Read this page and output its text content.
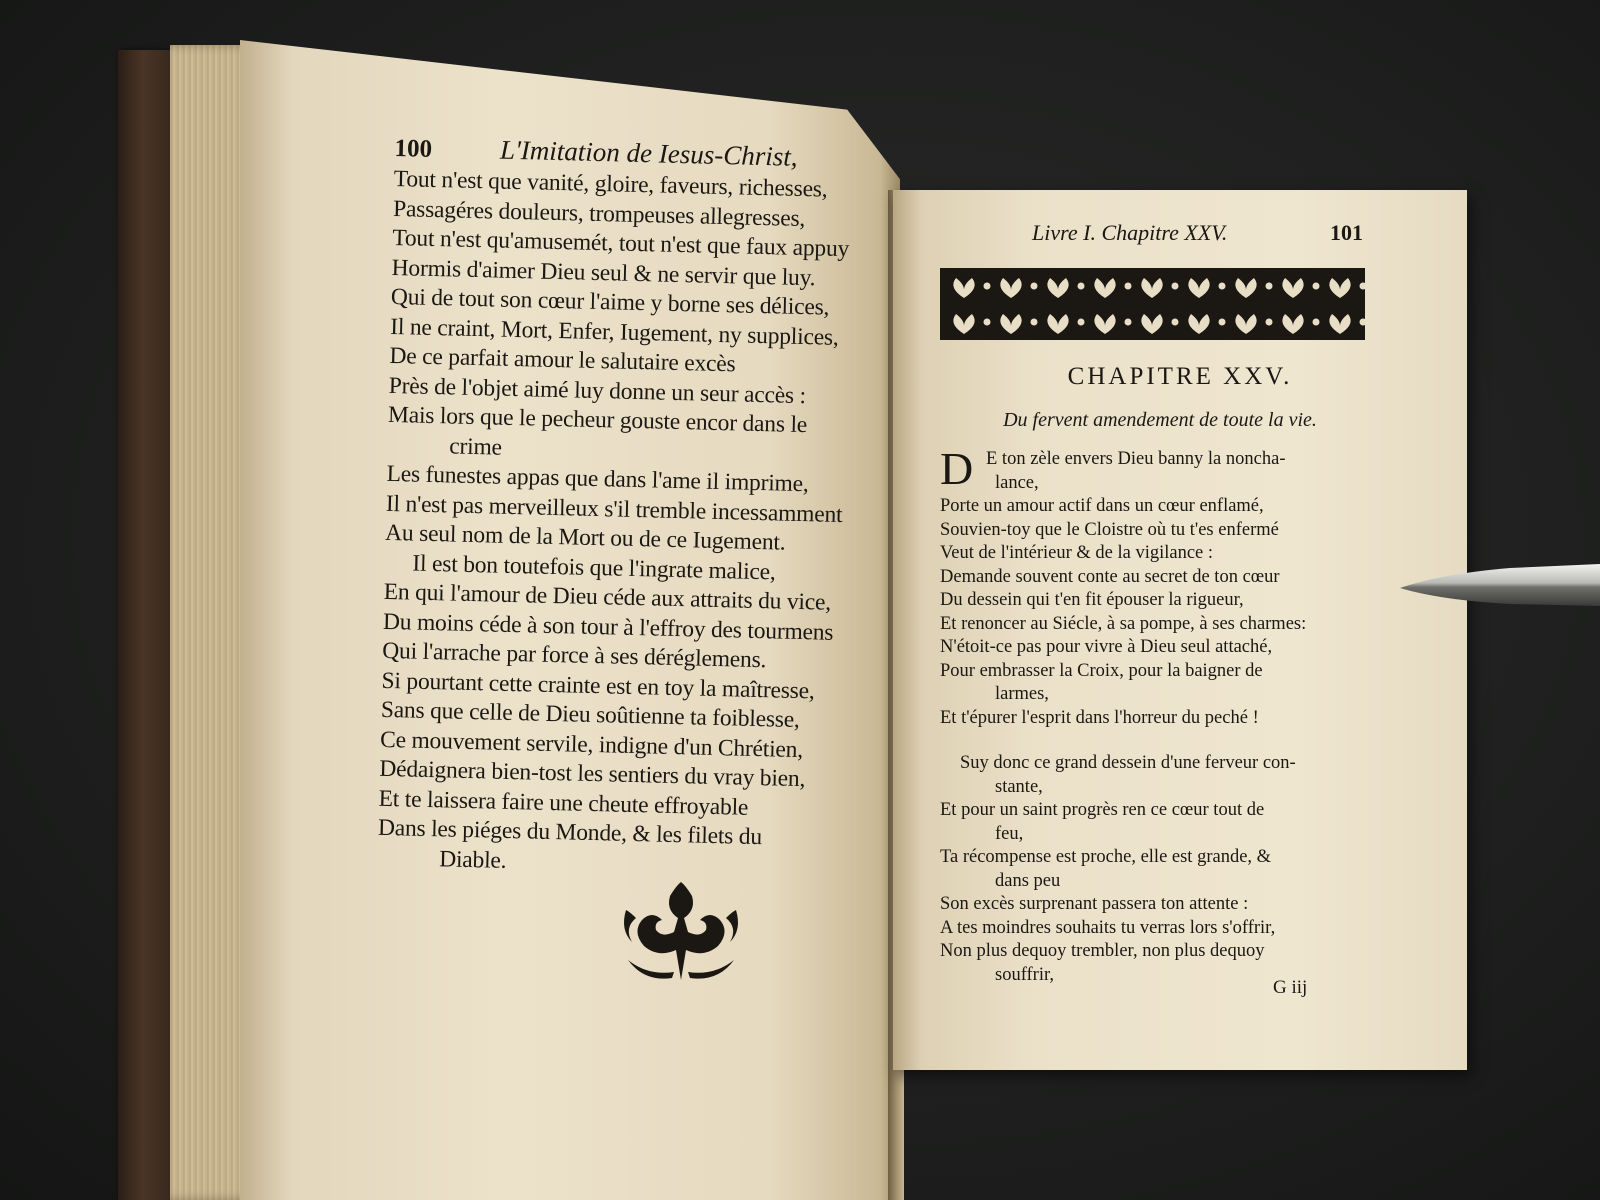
100 L'Imitation de Iesus-Christ,
Tout n'est que vanité, gloire, faveurs, richesses,
Passagéres douleurs, trompeuses allegresses,
Tout n'est qu'amusemét, tout n'est que faux appuy
Hormis d'aimer Dieu seul & ne servir que luy.
Qui de tout son cœur l'aime y borne ses délices,
Il ne craint, Mort, Enfer, Iugement, ny supplices,
De ce parfait amour le salutaire excès
Près de l'objet aimé luy donne un seur accès :
Mais lors que le pecheur gouste encor dans le
crime
Les funestes appas que dans l'ame il imprime,
Il n'est pas merveilleux s'il tremble incessamment
Au seul nom de la Mort ou de ce Iugement.
Il est bon toutefois que l'ingrate malice,
En qui l'amour de Dieu céde aux attraits du vice,
Du moins céde à son tour à l'effroy des tourmens
Qui l'arrache par force à ses déréglemens.
Si pourtant cette crainte est en toy la maîtresse,
Sans que celle de Dieu soûtienne ta foiblesse,
Ce mouvement servile, indigne d'un Chrétien,
Dédaignera bien-tost les sentiers du vray bien,
Et te laissera faire une cheute effroyable
Dans les piéges du Monde, & les filets du
Diable.
Livre I. Chapitre XXV.	101
CHAPITRE XXV.
Du fervent amendement de toute la vie.
D E ton zèle envers Dieu banny la noncha-
lance,
Porte un amour actif dans un cœur enflamé,
Souvien-toy que le Cloistre où tu t'es enfermé
Veut de l'intérieur & de la vigilance :
Demande souvent conte au secret de ton cœur
Du dessein qui t'en fit épouser la rigueur,
Et renoncer au Siécle, à sa pompe, à ses charmes:
N'étoit-ce pas pour vivre à Dieu seul attaché,
Pour embrasser la Croix, pour la baigner de
larmes,
Et t'épurer l'esprit dans l'horreur du peché !
Suy donc ce grand dessein d'une ferveur con-
stante,
Et pour un saint progrès ren ce cœur tout de
feu,
Ta récompense est proche, elle est grande, &
dans peu
Son excès surprenant passera ton attente :
A tes moindres souhaits tu verras lors s'offrir,
Non plus dequoy trembler, non plus dequoy
souffrir,
G iij
